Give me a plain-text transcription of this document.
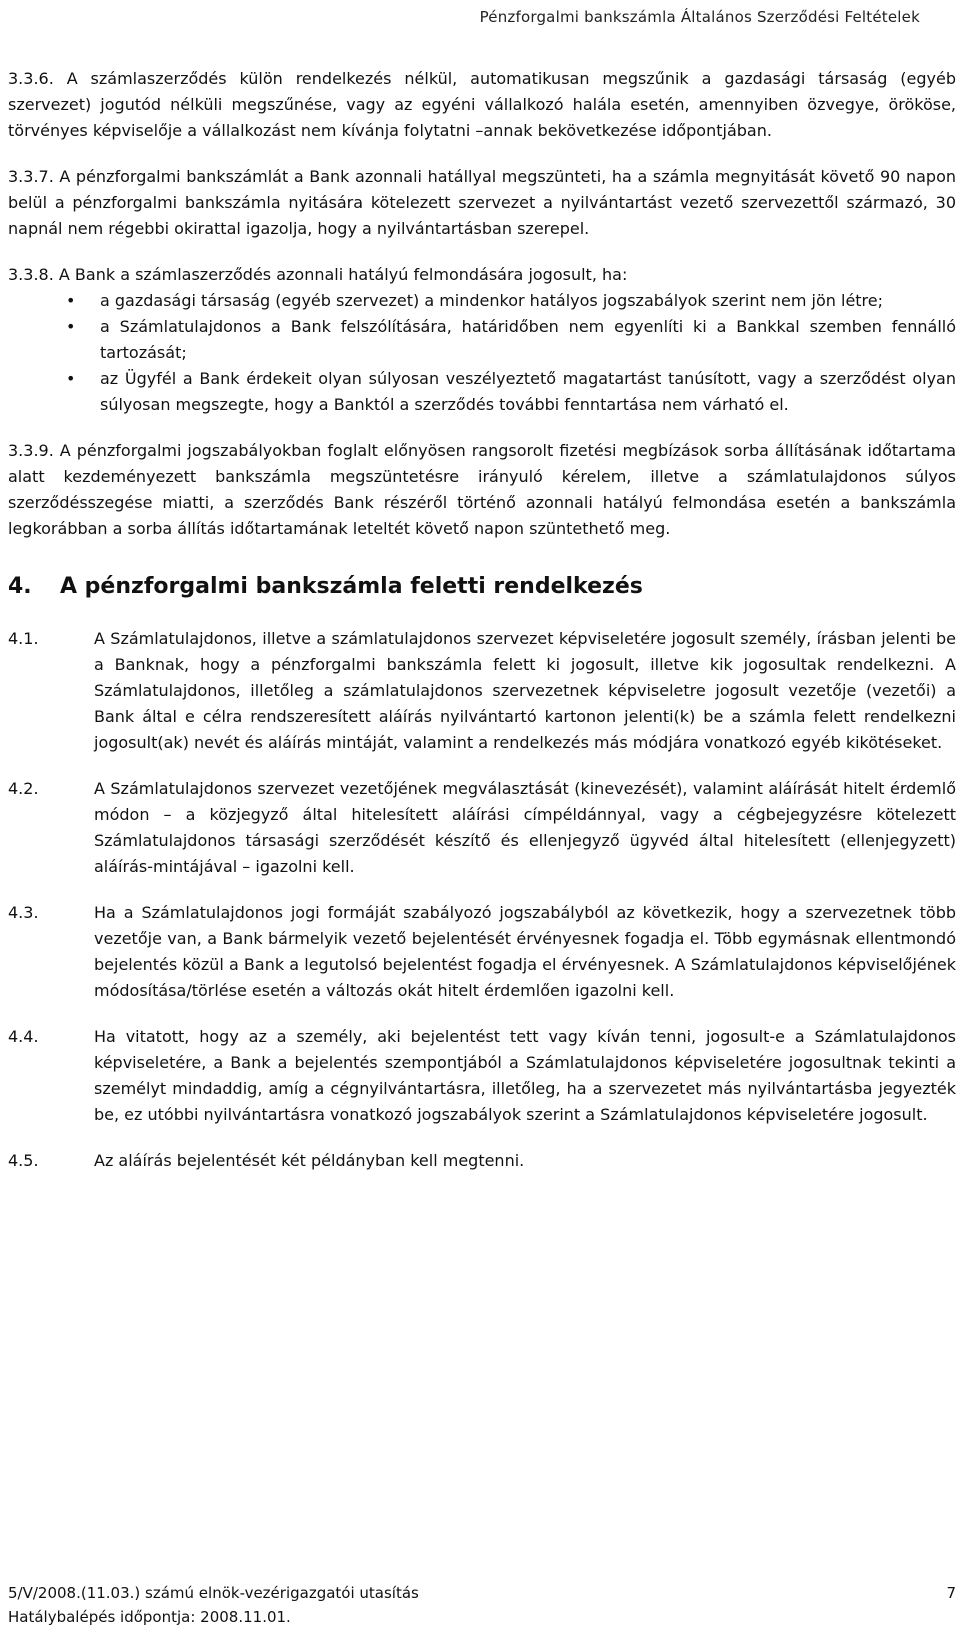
Pénzforgalmi bankszámla Általános Szerződési Feltételek

3.3.6. A számlaszerződés külön rendelkezés nélkül, automatikusan megszűnik a gazdasági társaság (egyéb szervezet) jogutód nélküli megszűnése, vagy az egyéni vállalkozó halála esetén, amennyiben özvegye, örököse, törvényes képviselője a vállalkozást nem kívánja folytatni –annak bekövetkezése időpontjában.

3.3.7. A pénzforgalmi bankszámlát a Bank azonnali hatállyal megszünteti, ha a számla megnyitását követő 90 napon belül a pénzforgalmi bankszámla nyitására kötelezett szervezet a nyilvántartást vezető szervezettől származó, 30 napnál nem régebbi okirattal igazolja, hogy a nyilvántartásban szerepel.

3.3.8. A Bank a számlaszerződés azonnali hatályú felmondására jogosult, ha:

• a gazdasági társaság (egyéb szervezet) a mindenkor hatályos jogszabályok szerint nem jön létre;
• a Számlatulajdonos a Bank felszólítására, határidőben nem egyenlíti ki a Bankkal szemben fennálló tartozását;
• az Ügyfél a Bank érdekeit olyan súlyosan veszélyeztető magatartást tanúsított, vagy a szerződést olyan súlyosan megszegte, hogy a Banktól a szerződés további fenntartása nem várható el.

3.3.9. A pénzforgalmi jogszabályokban foglalt előnyösen rangsorolt fizetési megbízások sorba állításának időtartama alatt kezdeményezett bankszámla megszüntetésre irányuló kérelem, illetve a számlatulajdonos súlyos szerződésszegése miatti, a szerződés Bank részéről történő azonnali hatályú felmondása esetén a bankszámla legkorábban a sorba állítás időtartamának leteltét követő napon szüntethető meg.

4.	A pénzforgalmi bankszámla feletti rendelkezés
4.1.	A Számlatulajdonos, illetve a számlatulajdonos szervezet képviseletére jogosult személy, írásban jelenti be a Banknak, hogy a pénzforgalmi bankszámla felett ki jogosult, illetve kik jogosultak rendelkezni. A Számlatulajdonos, illetőleg a számlatulajdonos szervezetnek képviseletre jogosult vezetője (vezetői) a Bank által e célra rendszeresített aláírás nyilvántartó kartonon jelenti(k) be a számla felett rendelkezni jogosult(ak) nevét és aláírás mintáját, valamint a rendelkezés más módjára vonatkozó egyéb kikötéseket.
4.2.	A Számlatulajdonos szervezet vezetőjének megválasztását (kinevezését), valamint aláírását hitelt érdemlő módon – a közjegyző által hitelesített aláírási címpéldánnyal, vagy a cégbejegyzésre kötelezett Számlatulajdonos társasági szerződését készítő és ellenjegyző ügyvéd által hitelesített (ellenjegyzett) aláírás-mintájával – igazolni kell.
4.3.	Ha a Számlatulajdonos jogi formáját szabályozó jogszabályból az következik, hogy a szervezetnek több vezetője van, a Bank bármelyik vezető bejelentését érvényesnek fogadja el. Több egymásnak ellentmondó bejelentés közül a Bank a legutolsó bejelentést fogadja el érvényesnek. A Számlatulajdonos képviselőjének módosítása/törlése esetén a változás okát hitelt érdemlően igazolni kell.
4.4.	Ha vitatott, hogy az a személy, aki bejelentést tett vagy kíván tenni, jogosult-e a Számlatulajdonos képviseletére, a Bank a bejelentés szempontjából a Számlatulajdonos képviseletére jogosultnak tekinti a személyt mindaddig, amíg a cégnyilvántartásra, illetőleg, ha a szervezetet más nyilvántartásba jegyezték be, ez utóbbi nyilvántartásra vonatkozó jogszabályok szerint a Számlatulajdonos képviseletére jogosult.
4.5.	Az aláírás bejelentését két példányban kell megtenni.
5/V/2008.(11.03.) számú elnök-vezérigazgatói utasítás
Hatálybalépés időpontja: 2008.11.01.
7
